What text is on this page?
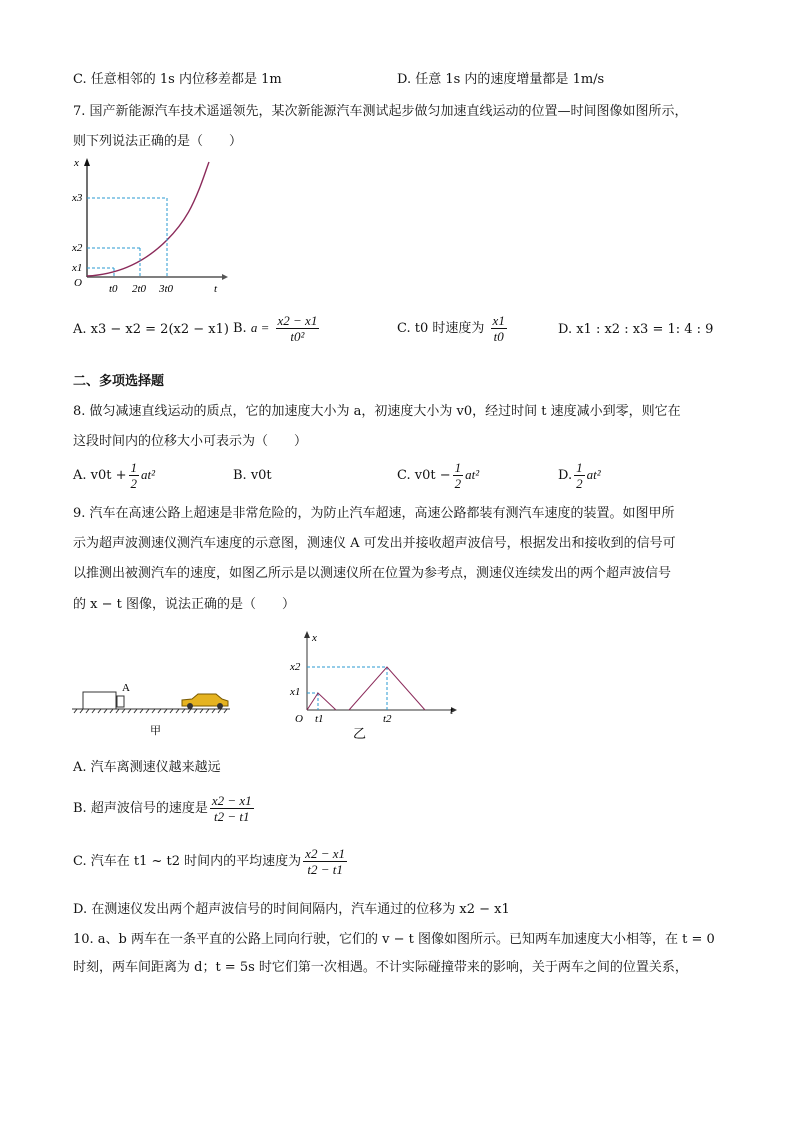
C. 任意相邻的 1s 内位移差都是 1m	D. 任意 1s 内的速度增量都是 1m/s
7. 国产新能源汽车技术遥遥领先，某次新能源汽车测试起步做匀加速直线运动的位置—时间图像如图所示，
则下列说法正确的是（　　）
x
x3
x2
x1
O t0 2t0 3t0	t
A. x3 − x2 = 2(x2 − x1) B. $a = \frac{x2 - x1}{\text{t0²}}$	C. t0 时速度为 $\frac{x1}{t0}$	D. x1 : x2 : x3 = 1: 4 : 9
二、多项选择题
8. 做匀减速直线运动的质点，它的加速度大小为 a，初速度大小为 v0，经过时间 t 速度减小到零，则它在
这段时间内的位移大小可表示为（　　）
A. $v0t + \frac{1}{2} at^2$	B. v0t	C. $v0t - \frac{1}{2} at^2$	D. $\frac{1}{2} at^2$
9. 汽车在高速公路上超速是非常危险的，为防止汽车超速，高速公路都装有测汽车速度的装置。如图甲所
示为超声波测速仪测汽车速度的示意图，测速仪 A 可发出并接收超声波信号，根据发出和接收到的信号可
以推测出被测汽车的速度，如图乙所示是以测速仪所在位置为参考点，测速仪连续发出的两个超声波信号
的 x − t 图像，说法正确的是（　　）
A
甲
x
x2
x1
O t1	t2
t
乙
A. 汽车离测速仪越来越远
B. 超声波信号的速度是 $\frac{x2 - x1}{t2 - t1}$
C. 汽车在 t1 ~ t2 时间内的平均速度为 $\frac{x2 - x1}{t2 - t1}$
D. 在测速仪发出两个超声波信号的时间间隔内，汽车通过的位移为 x2 − x1
10. a、b 两车在一条平直的公路上同向行驶，它们的 v − t 图像如图所示。已知两车加速度大小相等，在 t = 0
时刻，两车间距离为 d；t = 5s 时它们第一次相遇。不计实际碰撞带来的影响，关于两车之间的位置关系，
